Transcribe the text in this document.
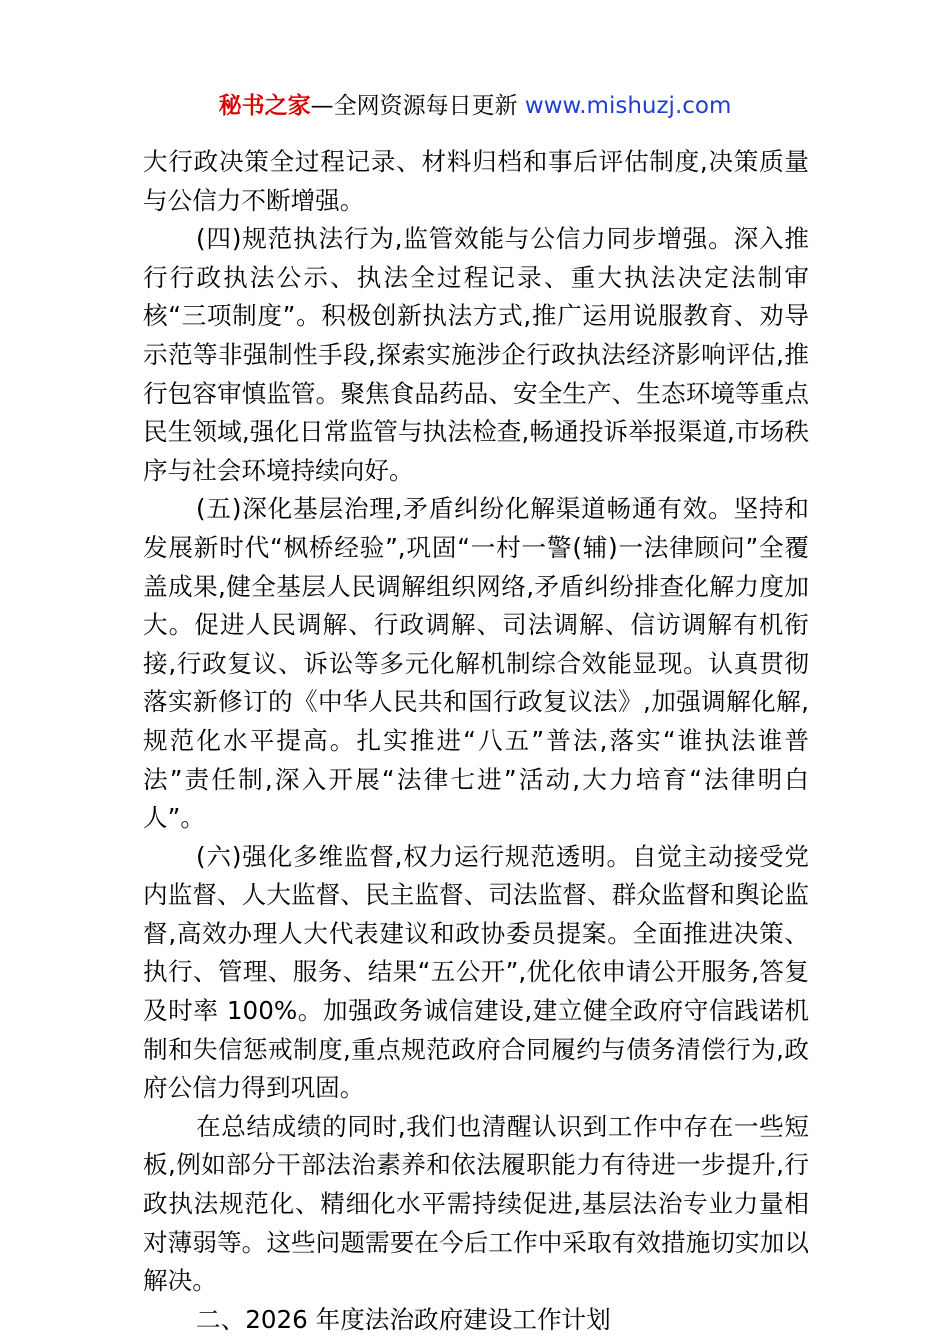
秘书之家—全网资源每日更新 www.mishuzj.com

大行政决策全过程记录、材料归档和事后评估制度,决策质量与公信力不断增强。

(四)规范执法行为,监管效能与公信力同步增强。深入推行行政执法公示、执法全过程记录、重大执法决定法制审核“三项制度”。积极创新执法方式,推广运用说服教育、劝导示范等非强制性手段,探索实施涉企行政执法经济影响评估,推行包容审慎监管。聚焦食品药品、安全生产、生态环境等重点民生领域,强化日常监管与执法检查,畅通投诉举报渠道,市场秩序与社会环境持续向好。

(五)深化基层治理,矛盾纠纷化解渠道畅通有效。坚持和发展新时代“枫桥经验”,巩固“一村一警(辅)一法律顾问”全覆盖成果,健全基层人民调解组织网络,矛盾纠纷排查化解力度加大。促进人民调解、行政调解、司法调解、信访调解有机衔接,行政复议、诉讼等多元化解机制综合效能显现。认真贯彻落实新修订的《中华人民共和国行政复议法》,加强调解化解,规范化水平提高。扎实推进“八五”普法,落实“谁执法谁普法”责任制,深入开展“法律七进”活动,大力培育“法律明白人”。

(六)强化多维监督,权力运行规范透明。自觉主动接受党内监督、人大监督、民主监督、司法监督、群众监督和舆论监督,高效办理人大代表建议和政协委员提案。全面推进决策、执行、管理、服务、结果“五公开”,优化依申请公开服务,答复及时率 100%。加强政务诚信建设,建立健全政府守信践诺机制和失信惩戒制度,重点规范政府合同履约与债务清偿行为,政府公信力得到巩固。

在总结成绩的同时,我们也清醒认识到工作中存在一些短板,例如部分干部法治素养和依法履职能力有待进一步提升,行政执法规范化、精细化水平需持续促进,基层法治专业力量相对薄弱等。这些问题需要在今后工作中采取有效措施切实加以解决。

二、2026 年度法治政府建设工作计划
